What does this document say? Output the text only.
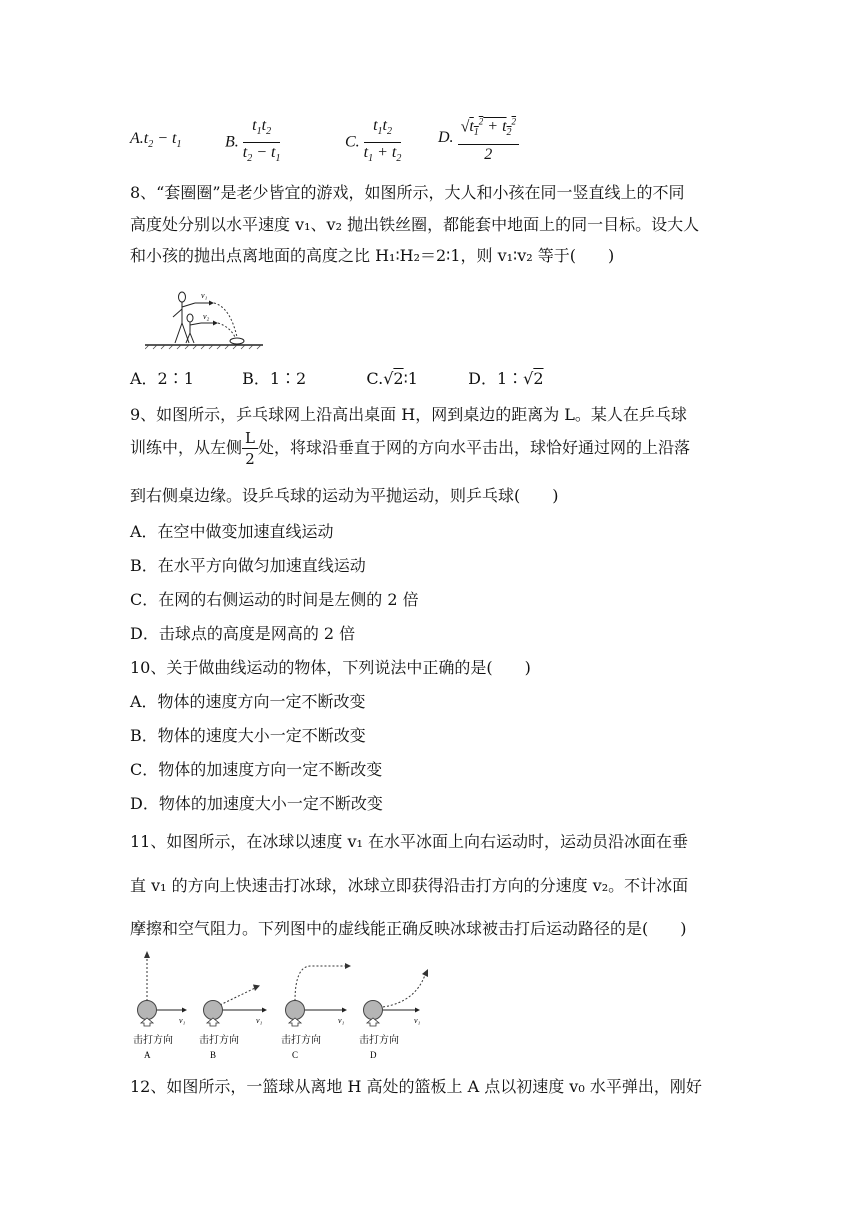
$A.t_2 - t_1$	B. $\frac{t_1t_2}{t_2 - t_1}$	C. $\frac{t_1t_2}{t_1 + t_2} D$. $\frac{√t_1^2 + t_2^2}{2}$
8、“套圈圈”是老少皆宜的游戏，如图所示，大人和小孩在同一竖直线上的不同
高度处分别以水平速度 v₁、v₂ 抛出铁丝圈，都能套中地面上的同一目标。设大人
和小孩的抛出点离地面的高度之比 H₁∶H₂＝2∶1，则 v₁∶v₂ 等于(　　)
v₁
v₂
A．2∶1	B．1∶2	C.√2∶1	D．1∶√2
9、如图所示，乒乓球网上沿高出桌面 H，网到桌边的距离为 L。某人在乒乓球
训练中，从左侧 $\frac{L}{2}$ 处，将球沿垂直于网的方向水平击出，球恰好通过网的上沿落
到右侧桌边缘。设乒乓球的运动为平抛运动，则乒乓球(　　)
A．在空中做变加速直线运动
B．在水平方向做匀加速直线运动
C．在网的右侧运动的时间是左侧的 2 倍
D．击球点的高度是网高的 2 倍
10、关于做曲线运动的物体，下列说法中正确的是(　　)
A．物体的速度方向一定不断改变
B．物体的速度大小一定不断改变
C．物体的加速度方向一定不断改变
D．物体的加速度大小一定不断改变
11、如图所示，在冰球以速度 v₁ 在水平冰面上向右运动时，运动员沿冰面在垂
直 v₁ 的方向上快速击打冰球，冰球立即获得沿击打方向的分速度 v₂。不计冰面
摩擦和空气阻力。下列图中的虚线能正确反映冰球被击打后运动路径的是(　　)
v₁	v₁	v₁	v₁
击打方向	击打方向	击打方向	击打方向
A	B	C	D
12、如图所示，一篮球从离地 H 高处的篮板上 A 点以初速度 v₀ 水平弹出，刚好
